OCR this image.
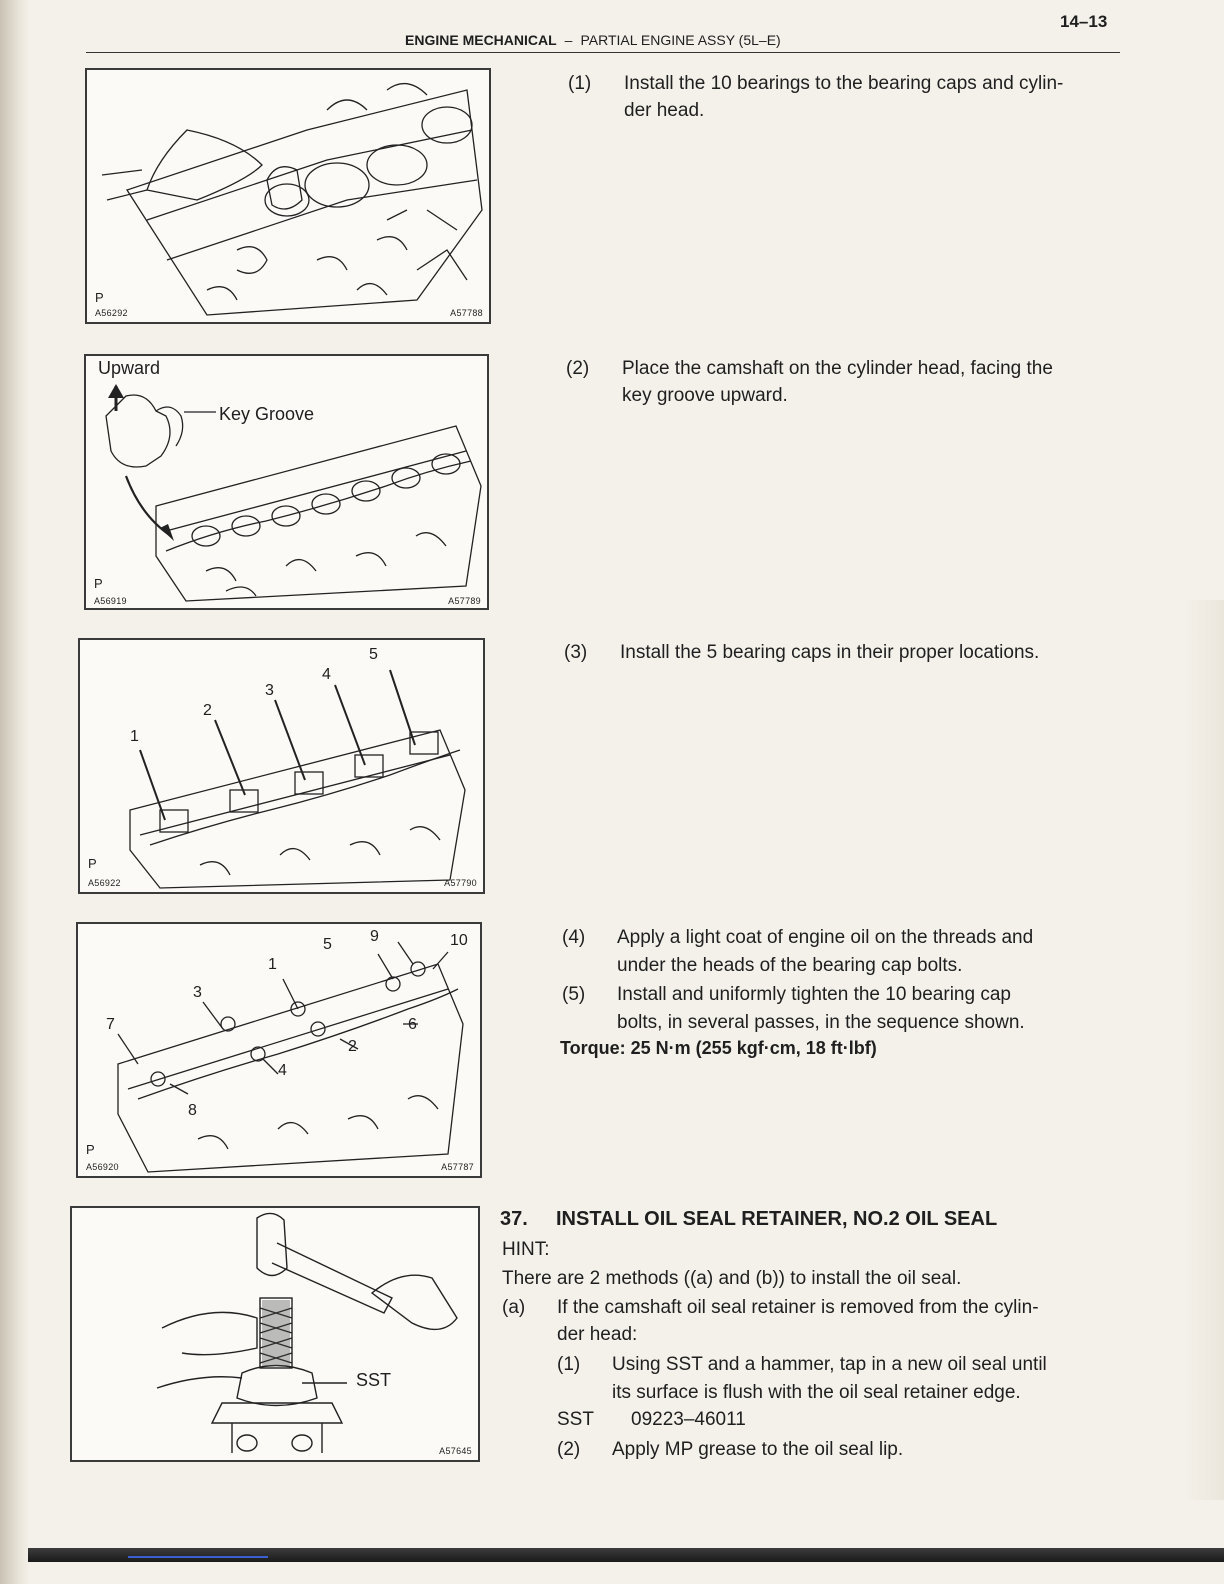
14–13
ENGINE MECHANICAL – PARTIAL ENGINE ASSY (5L–E)
P
A56292	A57788
Upward
Key Groove
P
A56919	A57789
1
2
3
4
5
P
A56922	A57790
1
2
3
4
5
6
7
8
9	10
P
A56920	A57787
SST
A57645
(1) Install the 10 bearings to the bearing caps and cylin-
der head.
(2) Place the camshaft on the cylinder head, facing the
key groove upward.
(3) Install the 5 bearing caps in their proper locations.
(4) Apply a light coat of engine oil on the threads and
under the heads of the bearing cap bolts.
(5) Install and uniformly tighten the 10 bearing cap
bolts, in several passes, in the sequence shown.
Torque: 25 N·m (255 kgf·cm, 18 ft·lbf)
37. INSTALL OIL SEAL RETAINER, NO.2 OIL SEAL
HINT:
There are 2 methods ((a) and (b)) to install the oil seal.
(a) If the camshaft oil seal retainer is removed from the cylin-
der head:
(1) Using SST and a hammer, tap in a new oil seal until
its surface is flush with the oil seal retainer edge.
SST 09223–46011
(2) Apply MP grease to the oil seal lip.
